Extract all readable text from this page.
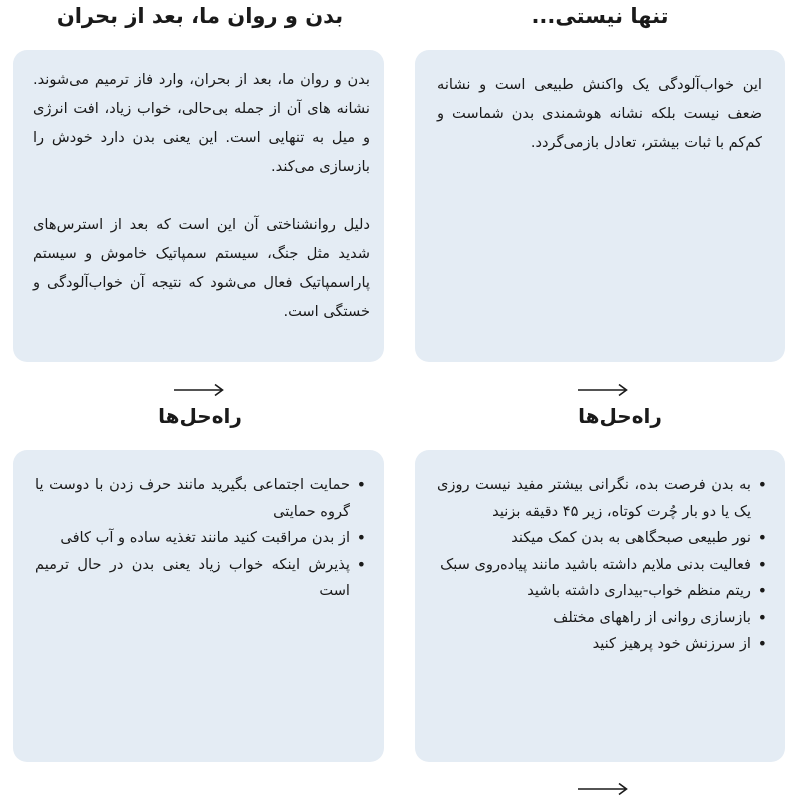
تنها نیستی...
بدن و روان ما، بعد از بحران

این خواب‌آلودگی یک واکنش طبیعی است و نشانه ضعف نیست بلکه نشانه هوشمندی بدن شماست و کم‌کم با ثبات بیشتر، تعادل بازمی‌گردد.

بدن و روان ما، بعد از بحران، وارد فاز ترمیم می‌شوند. نشانه های آن از جمله بی‌حالی، خواب زیاد، افت انرژی و میل به تنهایی است. این یعنی بدن دارد خودش را بازسازی می‌کند.

دلیل روانشناختی آن این است که بعد از استرس‌های شدید مثل جنگ، سیستم سمپاتیک خاموش و سیستم پاراسمپاتیک فعال می‌شود که نتیجه آن خواب‌آلودگی و خستگی است.

راه‌حل‌ها
راه‌حل‌ها
• به بدن فرصت بده، نگرانی بیشتر مفید نیست روزی یک یا دو بار چُرت کوتاه، زیر ۴۵ دقیقه بزنید
• نور طبیعی صبحگاهی به بدن کمک میکند
• فعالیت بدنی ملایم داشته باشید مانند پیاده‌روی سبک
• ریتم منظم خواب-بیداری داشته باشید
• بازسازی روانی از راههای مختلف
• از سرزنش خود پرهیز کنید
• حمایت اجتماعی بگیرید مانند حرف زدن با دوست یا گروه حمایتی
• از بدن مراقبت کنید مانند تغذیه ساده و آب کافی
• پذیرش اینکه خواب زیاد یعنی بدن در حال ترمیم است
